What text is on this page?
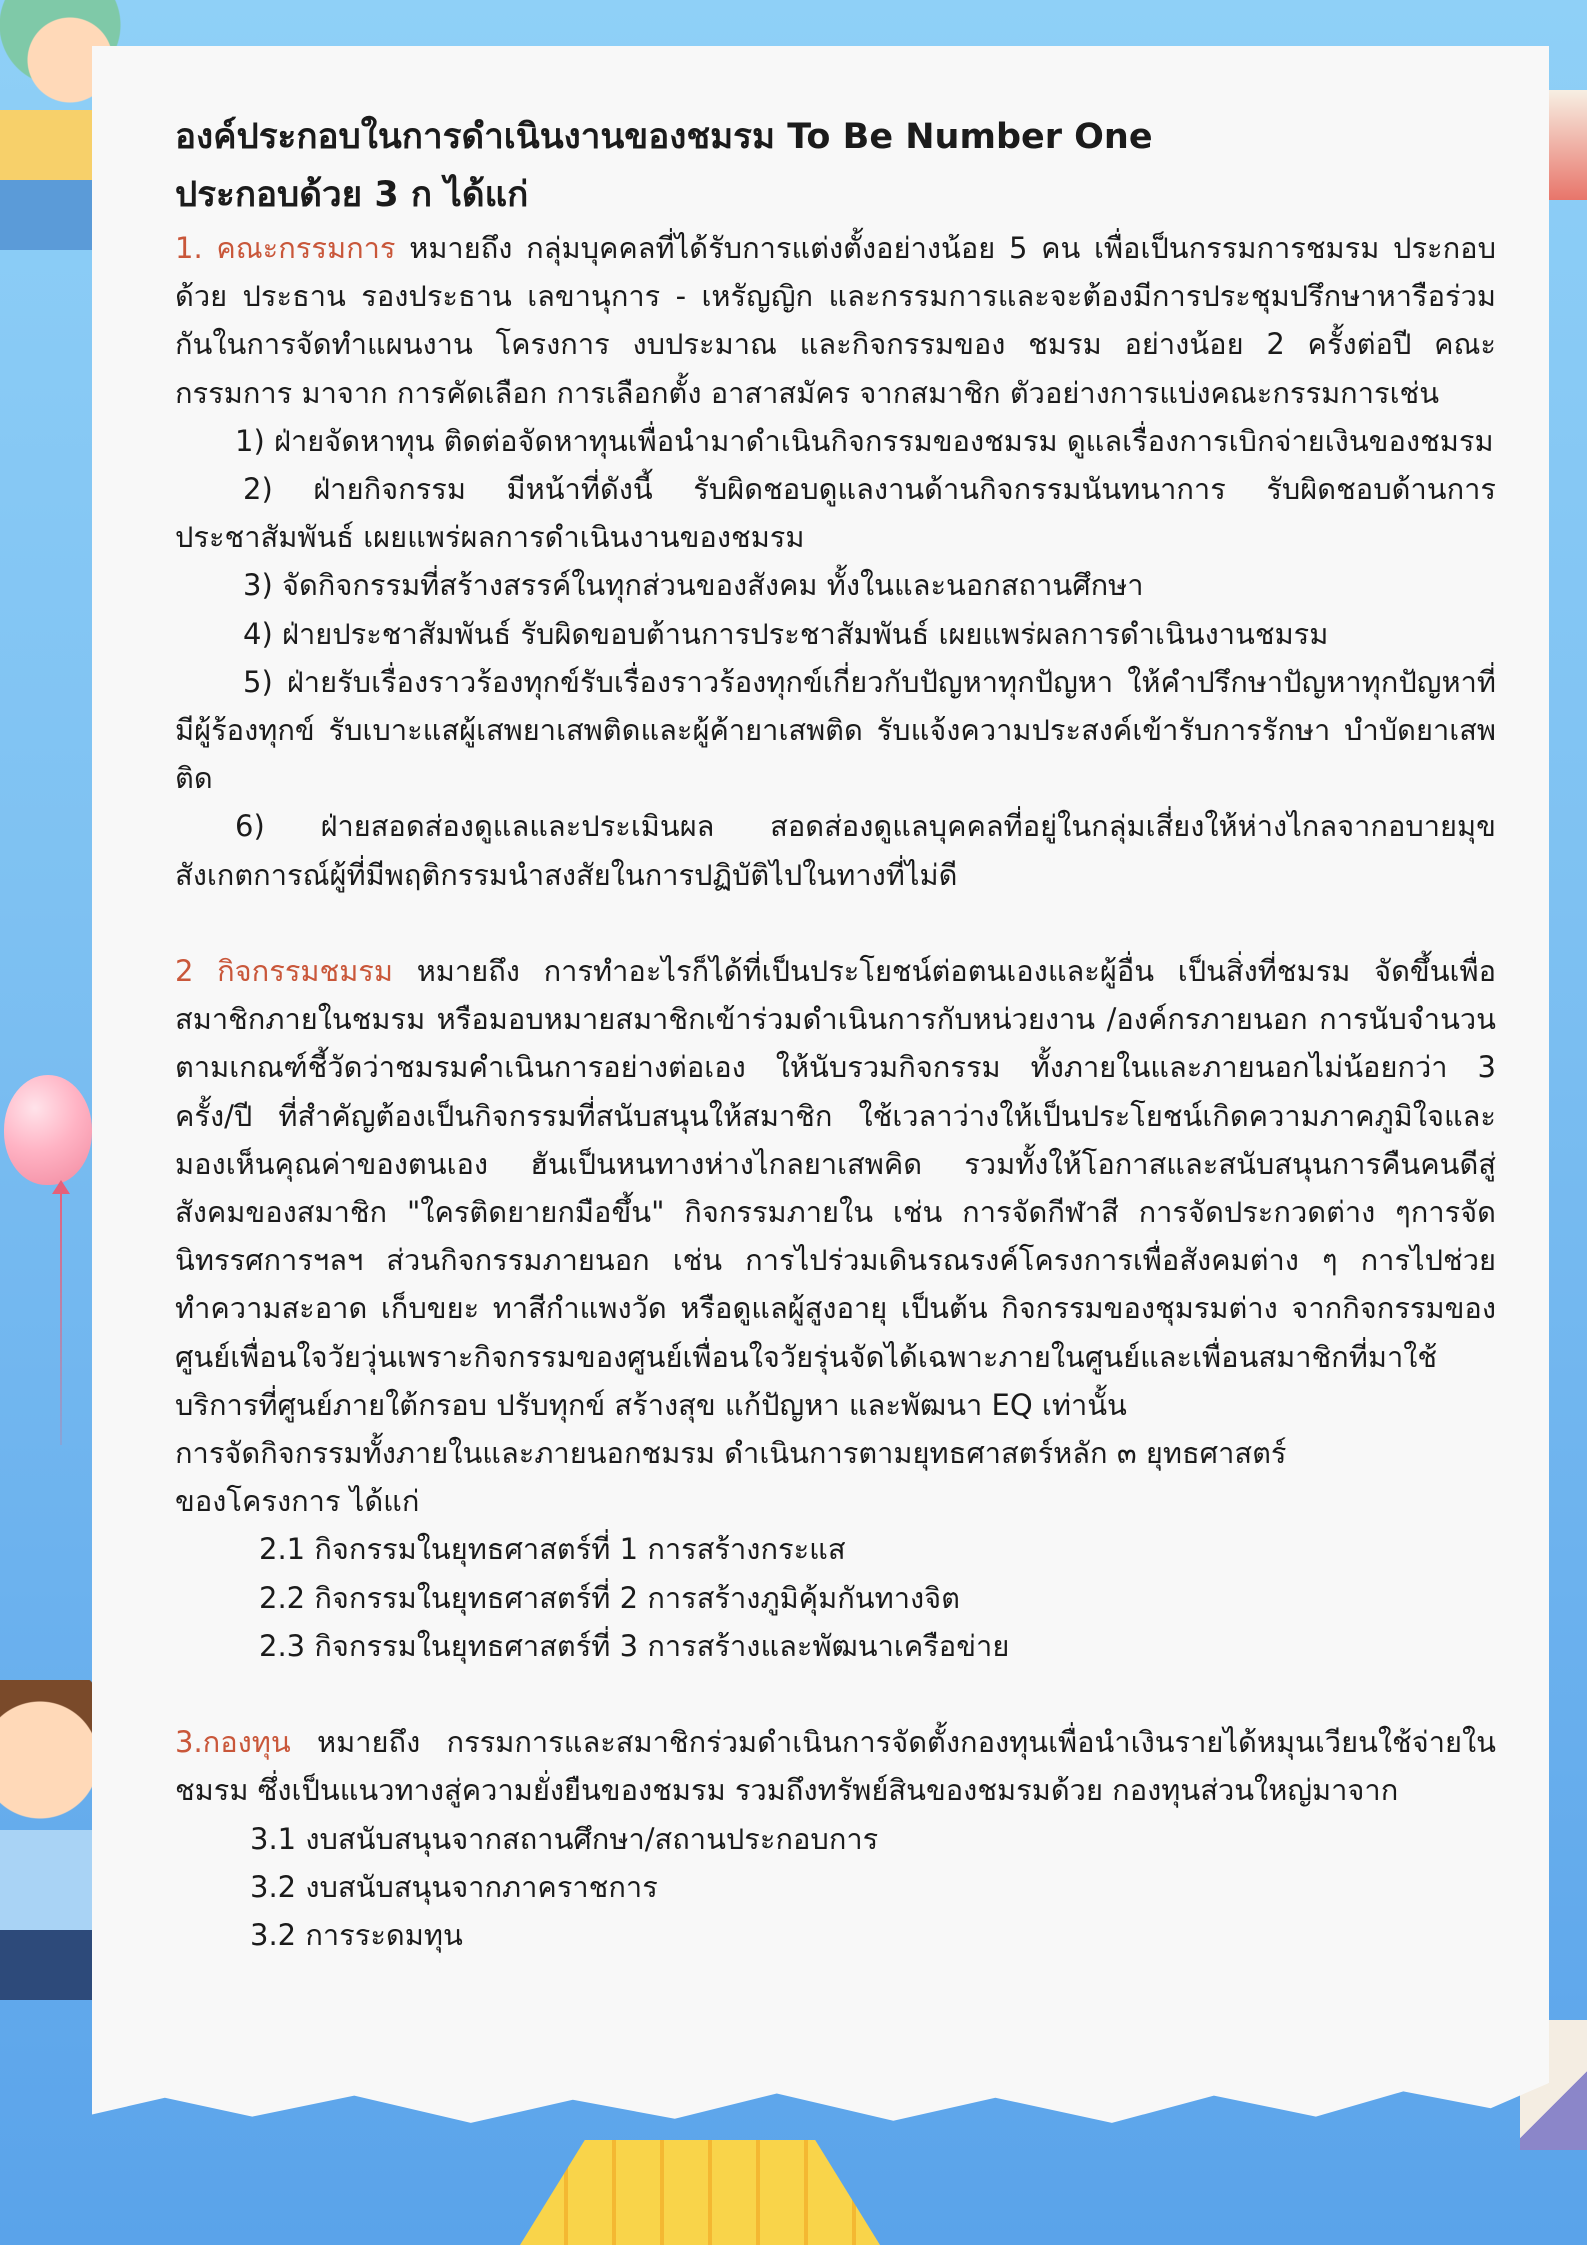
องค์ประกอบในการดำเนินงานของชมรม To Be Number One

ประกอบด้วย 3 ก ได้แก่

1. คณะกรรมการ หมายถึง กลุ่มบุคคลที่ได้รับการแต่งตั้งอย่างน้อย 5 คน เพื่อเป็นกรรมการชมรม ประกอบด้วย ประธาน รองประธาน เลขานุการ - เหรัญญิก และกรรมการและจะต้องมีการประชุมปรึกษาหารือร่วมกันในการจัดทำแผนงาน โครงการ งบประมาณ และกิจกรรมของ ชมรม อย่างน้อย 2 ครั้งต่อปี คณะกรรมการ มาจาก การคัดเลือก การเลือกตั้ง อาสาสมัคร จากสมาชิก ตัวอย่างการแบ่งคณะกรรมการเช่น

1) ฝ่ายจัดหาทุน ติดต่อจัดหาทุนเพื่อนำมาดำเนินกิจกรรมของชมรม ดูแลเรื่องการเบิกจ่ายเงินของชมรม

2) ฝ่ายกิจกรรม มีหน้าที่ดังนี้ รับผิดชอบดูแลงานด้านกิจกรรมนันทนาการ รับผิดชอบด้านการประชาสัมพันธ์ เผยแพร่ผลการดำเนินงานของชมรม

3) จัดกิจกรรมที่สร้างสรรค์ในทุกส่วนของสังคม ทั้งในและนอกสถานศึกษา

4) ฝ่ายประชาสัมพันธ์ รับผิดขอบต้านการประชาสัมพันธ์ เผยแพร่ผลการดำเนินงานชมรม

5) ฝ่ายรับเรื่องราวร้องทุกข์รับเรื่องราวร้องทุกข์เกี่ยวกับปัญหาทุกปัญหา ให้คำปรึกษาปัญหาทุกปัญหาที่มีผู้ร้องทุกข์ รับเบาะแสผู้เสพยาเสพติดและผู้ค้ายาเสพติด รับแจ้งความประสงค์เข้ารับการรักษา บำบัดยาเสพติด

6) ฝ่ายสอดส่องดูแลและประเมินผล สอดส่องดูแลบุคคลที่อยู่ในกลุ่มเสี่ยงให้ห่างไกลจากอบายมุข สังเกตการณ์ผู้ที่มีพฤติกรรมนำสงสัยในการปฏิบัติไปในทางที่ไม่ดี

2 กิจกรรมชมรม หมายถึง การทำอะไรก็ได้ที่เป็นประโยชน์ต่อตนเองและผู้อื่น เป็นสิ่งที่ชมรม จัดขึ้นเพื่อสมาชิกภายในชมรม หรือมอบหมายสมาชิกเข้าร่วมดำเนินการกับหน่วยงาน /องค์กรภายนอก การนับจำนวนตามเกณฑ์ชี้วัดว่าชมรมคำเนินการอย่างต่อเอง ให้นับรวมกิจกรรม ทั้งภายในและภายนอกไม่น้อยกว่า 3 ครั้ง/ปี ที่สำคัญต้องเป็นกิจกรรมที่สนับสนุนให้สมาชิก ใช้เวลาว่างให้เป็นประโยชน์เกิดความภาคภูมิใจและมองเห็นคุณค่าของตนเอง ฮันเป็นหนทางห่างไกลยาเสพคิด รวมทั้งให้โอกาสและสนับสนุนการคืนคนดีสู่สังคมของสมาชิก "ใครติดยายกมือขึ้น" กิจกรรมภายใน เช่น การจัดกีฬาสี การจัดประกวดต่าง ๆการจัดนิทรรศการฯลฯ ส่วนกิจกรรมภายนอก เช่น การไปร่วมเดินรณรงค์โครงการเพื่อสังคมต่าง ๆ การไปช่วยทำความสะอาด เก็บขยะ ทาสีกำแพงวัด หรือดูแลผู้สูงอายุ เป็นต้น กิจกรรมของชุมรมต่าง จากกิจกรรมของศูนย์เพื่อนใจวัยวุ่นเพราะกิจกรรมของศูนย์เพื่อนใจวัยรุ่นจัดได้เฉพาะภายในศูนย์และเพื่อนสมาชิกที่มาใช้บริการที่ศูนย์ภายใต้กรอบ ปรับทุกข์ สร้างสุข แก้ปัญหา และพัฒนา EQ เท่านั้น

การจัดกิจกรรมทั้งภายในและภายนอกชมรม ดำเนินการตามยุทธศาสตร์หลัก ๓ ยุทธศาสตร์

ของโครงการ ได้แก่

2.1 กิจกรรมในยุทธศาสตร์ที่ 1 การสร้างกระแส

2.2 กิจกรรมในยุทธศาสตร์ที่ 2 การสร้างภูมิคุ้มกันทางจิต

2.3 กิจกรรมในยุทธศาสตร์ที่ 3 การสร้างและพัฒนาเครือข่าย

3.กองทุน หมายถึง กรรมการและสมาชิกร่วมดำเนินการจัดตั้งกองทุนเพื่อนำเงินรายได้หมุนเวียนใช้จ่ายในชมรม ซึ่งเป็นแนวทางสู่ความยั่งยืนของชมรม รวมถึงทรัพย์สินของชมรมด้วย กองทุนส่วนใหญ่มาจาก

3.1 งบสนับสนุนจากสถานศึกษา/สถานประกอบการ

3.2 งบสนับสนุนจากภาคราชการ

3.2 การระดมทุน
